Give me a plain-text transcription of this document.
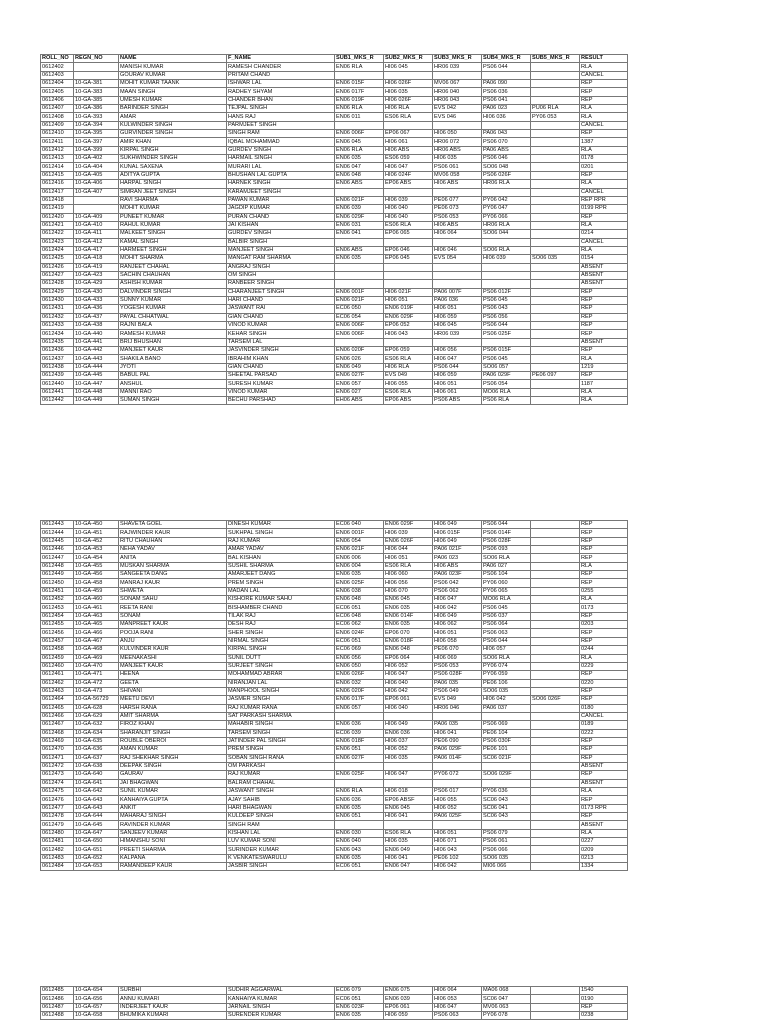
ROLL_NO	REGN_NO	NAME	F_NAME	SUB1_MKS_R	SUB2_MKS_R	SUB3_MKS_R	SUB4_MKS_R	SUB5_MKS_R	RESULT
0612402		MANISH KUMAR	RAMESH CHANDER	EN06 RLA	HI06 045	HR06 039	PS06 044		RLA
0612403		GOURAV KUMAR	PRITAM CHAND						CANCEL
0612404	10-GA-381	MOHIT KUMAR TAANK	ISHWAR LAL	EN06 015F	HI06 026F	MV06 067	PA06 090		REP
0612405	10-GA-383	MAAN SINGH	RADHEY SHYAM	EN06 017F	HI06 035	HR06 040	PS06 036		REP
0612406	10-GA-385	UMESH KUMAR	CHANDER BHAN	EN06 019F	HI06 026F	HR06 043	PS06 041		REP
0612407	10-GA-386	BARINDER SINGH	TEJPAL SINGH	EN06 RLA	HI06 RLA	EVS 042	PA06 023	PU06 RLA	RLA
0612408	10-GA-393	AMAR	HANS RAJ	EN06 011	ES06 RLA	EVS 046	HI06 036	PY06 053	RLA
0612409	10-GA-394	KULWINDER SINGH	PARMJEET SINGH						CANCEL
0612410	10-GA-395	GURVINDER SINGH	SINGH RAM	EN06 006F	EP06 067	HI06 050	PA06 043		REP
0612411	10-GA-397	AMIR KHAN	IQBAL MOHAMMAD	EN06 045	HI06 061	HR06 072	PS06 070		1387
0612412	10-GA-399	KIRPAL SINGH	GURDEV SINGH	EN06 RLA	HI06 ABS	HR06 ABS	PA06 ABS		RLA
0612413	10-GA-402	SUKHWINDER SINGH	HARMAIL SINGH	EN06 035	ES06 059	HI06 035	PS06 046		0178
0612414	10-GA-404	KUNAL SAXENA	MURARI LAL	EN06 047	HI06 047	PS06 061	SO06 048		0201
0612415	10-GA-405	ADITYA GUPTA	BHUSHAN LAL GUPTA	EN06 048	HI06 024F	MV06 058	PS06 026F		REP
0612416	10-GA-406	HARPAL SINGH	HARNEK SINGH	EN06 ABS	EP06 ABS	HI06 ABS	HR06 RLA		RLA
0612417	10-GA-407	SIMRAN JEET SINGH	KARAMJEET SINGH						CANCEL
0612418		RAVI SHARMA	PAWAN KUMAR	EN06 021F	HI06 039	PE06 077	PY06 042		REP RPR
0612419		MOHIT KUMAR	JAGDIP KUMAR	EN06 039	HI06 040	PE06 073	PY06 047		0199 RPR
0612420	10-GA-409	PUNEET KUMAR	PURAN CHAND	EN06 029F	HI06 040	PS06 053	PY06 066		REP
0612421	10-GA-410	RAHUL KUMAR	JAI KISHAN	EN06 031	ES06 RLA	HI06 ABS	HR06 RLA		RLA
0612422	10-GA-411	MALKEET SINGH	GURDEV SINGH	EN06 041	EP06 065	HI06 064	SO06 044		0214
0612423	10-GA-412	KAMAL SINGH	BALBIR SINGH						CANCEL
0612424	10-GA-417	HARMEET SINGH	MANJEET SINGH	EN06 ABS	EP06 046	HI06 046	SO06 RLA		RLA
0612425	10-GA-418	MOHIT SHARMA	MANGAT RAM SHARMA	EN06 035	EP06 045	EVS 054	HI06 039	SO06 035	0154
0612426	10-GA-419	RANJEET CHAHAL	ANGRAJ SINGH						ABSENT
0612427	10-GA-423	SACHIN CHAUHAN	OM SINGH						ABSENT
0612428	10-GA-429	ASHISH KUMAR	RANBEER SINGH						ABSENT
0612429	10-GA-430	DALVINDER SINGH	CHARANJEET SINGH	EN06 001F	HI06 021F	PA06 007F	PS06 012F		REP
0612430	10-GA-433	SUNNY KUMAR	HARI CHAND	EN06 021F	HI06 051	PA06 036	PS06 045		REP
0612431	10-GA-436	YOGESH KUMAR	JASWANT RAI	EC06 050	EN06 019F	HI06 051	PS06 043		REP
0612432	10-GA-437	PAYAL CHHATWAL	GIAN CHAND	EC06 054	EN06 029F	HI06 059	PS06 056		REP
0612433	10-GA-438	RAJNI BALA	VINOD KUMAR	EN06 006F	EP06 052	HI06 045	PS06 044		REP
0612434	10-GA-440	RAMESH KUMAR	KEHAR SINGH	EN06 006F	HI06 043	HR06 039	PS06 025F		REP
0612435	10-GA-441	BRIJ BHUSHAN	TARSEM LAL						ABSENT
0612436	10-GA-442	MANJEET KAUR	JASVINDER SINGH	EN06 020F	EP06 059	HI06 056	PS06 015F		REP
0612437	10-GA-443	SHAKILA BANO	IBRAHIM KHAN	EN06 026	ES06 RLA	HI06 047	PS06 045		RLA
0612438	10-GA-444	JYOTI	GIAN CHAND	EN06 049	HI06 RLA	PS06 044	SO06 057		1219
0612439	10-GA-445	BABUL PAL	SHEETAL PARSAD	EN06 027F	EVS 049	HI06 059	PA06 029F	PE06 097	REP
0612440	10-GA-447	ANSHUL	SURESH KUMAR	EN06 057	HI06 055	HI06 051	PS06 054		1187
0612441	10-GA-448	MANNI RAO	VINOD KUMAR	EN06 027	ES06 RLA	HI06 061	MO06 RLA		RLA
0612442	10-GA-449	SUMAN SINGH	BECHU PARSHAD	EH06 ABS	EP06 ABS	PS06 ABS	PS06 RLA		RLA
0612443	10-GA-450	SHAVETA GOEL	DINESH KUMAR	EC06 040	EN06 029F	HI06 049	PS06 044		REP
0612444	10-GA-451	RAJWINDER KAUR	SUKHPAL SINGH	EN06 001F	HI06 039	HI06 015F	PS06 014F		REP
0612445	10-GA-452	RITU CHAUHAN	RAJ KUMAR	EN06 054	EN06 026F	HI06 049	PS06 028F		REP
0612446	10-GA-453	NEHA YADAV	AMAR YADAV	EN06 021F	HI06 044	PA06 021F	PS06 093		REP
0612447	10-GA-454	ANITA	BAL KISHAN	EN06 006	HI06 051	PA06 023	SO06 RLA		REP
0612448	10-GA-455	MUSKAN SHARMA	SUSHIL SHARMA	EN06 004	ES06 RLA	HI06 ABS	PA06 027		RLA
0612449	10-GA-456	SANGEETA DANG	AMARJEET DANG	EN06 035	HI06 060	PA06 023F	PS06 104		REP
0612450	10-GA-458	MANRAJ KAUR	PREM SINGH	EN06 025F	HI06 056	PS06 042	PY06 060		REP
0612451	10-GA-459	SHWETA	MADAN LAL	EN06 038	HI06 070	PS06 062	PY06 065		0255
0612452	10-GA-460	SONAM SAHU	KISHORE KUMAR SAHU	EN06 048	EN06 045	HI06 047	MO06 RLA		RLA
0612453	10-GA-461	REETA RANI	BISHAMBER CHAND	EC06 051	EN06 035	HI06 042	PS06 045		0173
0612454	10-GA-463	SONAM	TILAK RAJ	EC06 048	EN06 014F	HI06 049	PS06 037		REP
0612455	10-GA-465	MANPREET KAUR	DESH RAJ	EC06 062	EN06 035	HI06 062	PS06 064		0203
0612456	10-GA-466	POOJA RANI	SHER SINGH	EN06 024F	EP06 070	HI06 051	PS06 063		REP
0612457	10-GA-467	ANJU	NIRMAL SINGH	EC06 051	EN06 018F	HI06 058	PS06 044		REP
0612458	10-GA-468	KULVINDER KAUR	KIRPAL SINGH	EC06 069	EN06 048	PE06 070	HI06 057		0244
0612459	10-GA-469	MEENAKASHI	SUNIL DUTT	EN06 056	EP06 064	HI06 069	SO06 RLA		RLA
0612460	10-GA-470	MANJEET KAUR	SURJEET SINGH	EN06 050	HI06 052	PS06 053	PY06 074		0229
0612461	10-GA-471	HEENA	MOHAMMAD ABRAR	EN06 026F	HI06 047	PS06 028F	PY06 059		REP
0612462	10-GA-472	GEETA	NIRANJAN LAL	EN06 032	HI06 040	PA06 035	PE06 106		0220
0612463	10-GA-473	SHIVANI	MANPHOOL SINGH	EN06 020F	HI06 042	PS06 049	SO06 035		REP
0612464	10-GA-56729	MEETU DEVI	JASMER SINGH	EN06 017F	EP06 061	EVS 049	HI06 042	SO06 026F	REP
0612465	10-GA-628	HARSH RANA	RAJ KUMAR RANA	EN06 057	HI06 040	HR06 046	PA06 037		0180
0612466	10-GA-629	AMIT SHARMA	SAT PARKASH SHARMA						CANCEL
0612467	10-GA-632	FIROZ KHAN	MAHABIR SINGH	EN06 036	HI06 049	PA06 035	PS06 069		0189
0612468	10-GA-634	SHARANJIT SINGH	TARSEM SINGH	EC06 039	EN06 036	HI06 041	PE06 104		0222
0612469	10-GA-635	ROUBLE OBEROI	JATINDER PAL SINGH	EN06 018F	HI06 037	PE06 090	PS06 030F		REP
0612470	10-GA-636	AMAN KUMAR	PREM SINGH	EN06 051	HI06 052	PA06 029F	PE06 101		REP
0612471	10-GA-637	RAJ SHEKHAR SINGH	SOBAN SINGH RANA	EN06 027F	HI06 035	PA06 014F	SC06 021F		REP
0612472	10-GA-638	DEEPAK SINGH	OM PARKASH						ABSENT
0612473	10-GA-640	GAURAV	RAJ KUMAR	EN06 025F	HI06 047	PY06 072	SO06 029F		REP
0612474	10-GA-641	JAI BHAGWAN	BALRAM CHAHAL						ABSENT
0612475	10-GA-642	SUNIL KUMAR	JASWANT SINGH	EN06 RLA	HI06 018	PS06 017	PY06 036		RLA
0612476	10-GA-643	KANHAIYA GUPTA	AJAY SAHIB	EN06 036	EP06 ABSF	HI06 055	SC06 043		REP
0612477	10-GA-643	ANKIT	HARI BHAGWAN	EN06 035	EN06 045	HI06 052	SC06 041		0173 RPR
0612478	10-GA-644	MAHARAJ SINGH	KULDEEP SINGH	EN06 051	HI06 041	PA06 025F	SC06 043		REP
0612479	10-GA-645	RAVINDER KUMAR	SINGH RAM						ABSENT
0612480	10-GA-647	SANJEEV KUMAR	KISHAN LAL	EN06 030	ES06 RLA	HI06 051	PS06 079		RLA
0612481	10-GA-650	HIMANSHU SONI	LUV KUMAR SONI	EN06 040	HI06 035	HI06 071	PS06 061		0227
0612482	10-GA-651	PREETI SHARMA	SURINDER KUMAR	EN06 043	EN06 049	HI06 043	PS06 066		0209
0612483	10-GA-652	KALPANA	K VENKATESWARULU	EN06 035	HI06 041	PE06 102	SO06 035		0213
0612484	10-GA-653	RAMANDEEP KAUR	JASBIR SINGH	EC06 051	EN06 047	HI06 042	MI06 066		1334
0612485	10-GA-654	SURBHI	SUDHIR AGGARWAL	EC06 079	EN06 075	HI06 064	MA06 068		1540
0612486	10-GA-656	ANNU KUMARI	KANHAIYA KUMAR	EC06 051	EN06 039	HI06 053	SC06 047		0190
0612487	10-GA-657	INDERJEET KAUR	JARNAIL SINGH	EN06 023F	EP06 061	HI06 047	MV06 063		REP
0612488	10-GA-658	BHUMIKA KUMARI	SURENDER KUMAR	EN06 035	HI06 059	PS06 063	PY06 078		0238
